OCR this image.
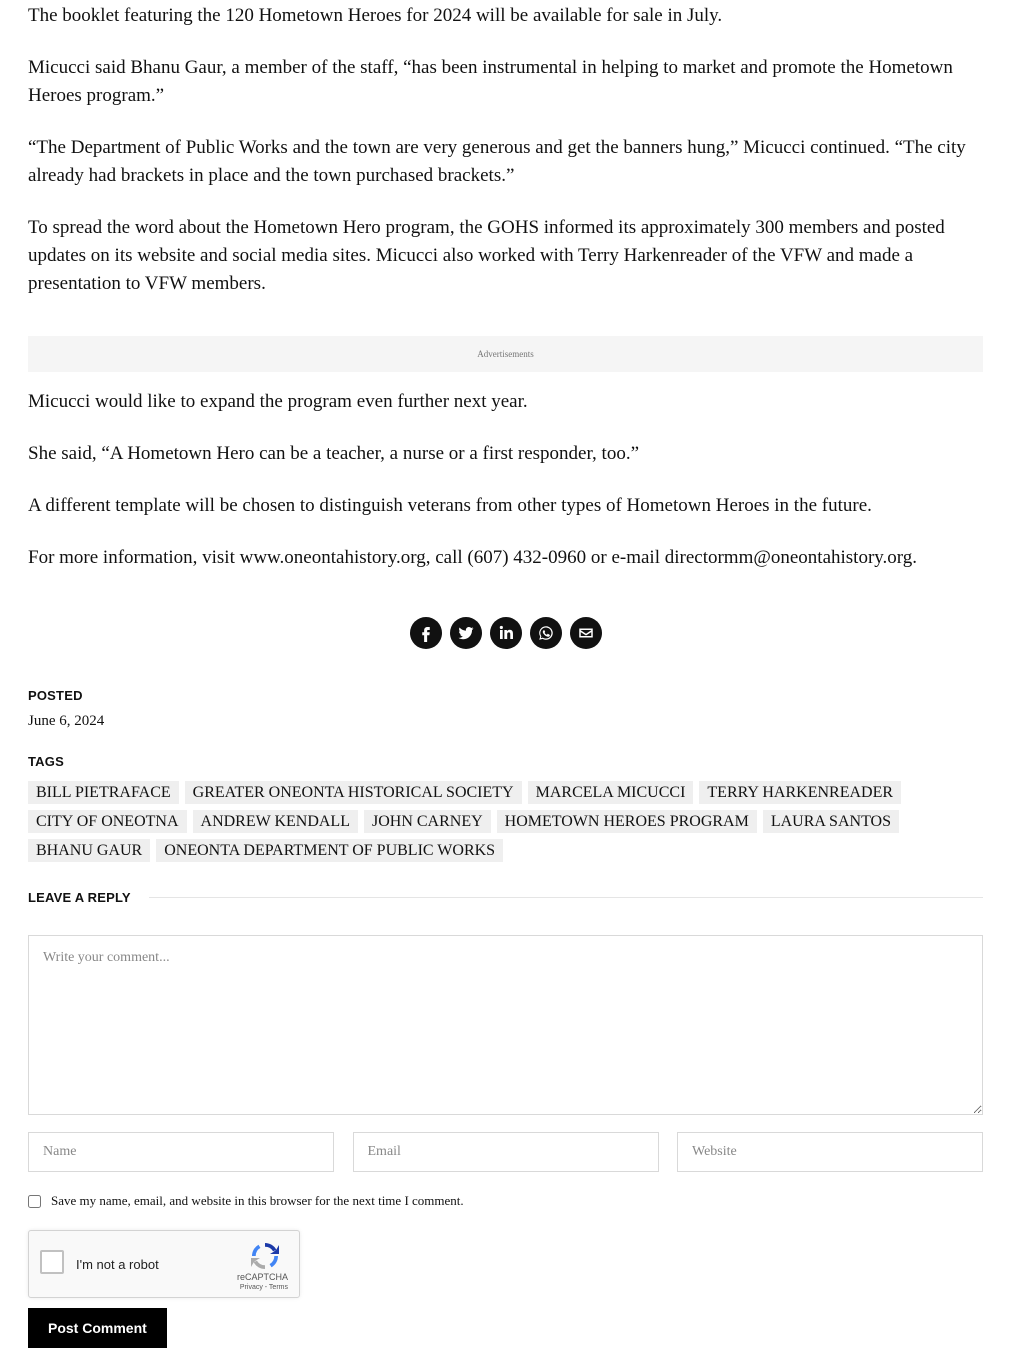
The booklet featuring the 120 Hometown Heroes for 2024 will be available for sale in July.

Micucci said Bhanu Gaur, a member of the staff, “has been instrumental in helping to market and promote the Hometown Heroes program.”

“The Department of Public Works and the town are very generous and get the banners hung,” Micucci continued. “The city already had brackets in place and the town purchased brackets.”

To spread the word about the Hometown Hero program, the GOHS informed its approximately 300 members and posted updates on its website and social media sites. Micucci also worked with Terry Harkenreader of the VFW and made a presentation to VFW members.

Advertisements

Micucci would like to expand the program even further next year.

She said, “A Hometown Hero can be a teacher, a nurse or a first responder, too.”

A different template will be chosen to distinguish veterans from other types of Hometown Heroes in the future.

For more information, visit www.oneontahistory.org, call (607) 432-0960 or e-mail directormm@oneontahistory.org.

POSTED

June 6, 2024

TAGS

BILL PIETRAFACE	GREATER ONEONTA HISTORICAL SOCIETY	MARCELA MICUCCI	TERRY HARKENREADER
CITY OF ONEOTNA	ANDREW KENDALL	JOHN CARNEY	HOMETOWN HEROES PROGRAM	LAURA SANTOS
BHANU GAUR	ONEONTA DEPARTMENT OF PUBLIC WORKS

LEAVE A REPLY

Write your comment...
Name
Email
Website
Save my name, email, and website in this browser for the next time I comment.
I'm not a robot
reCAPTCHA
Privacy - Terms
Post Comment
